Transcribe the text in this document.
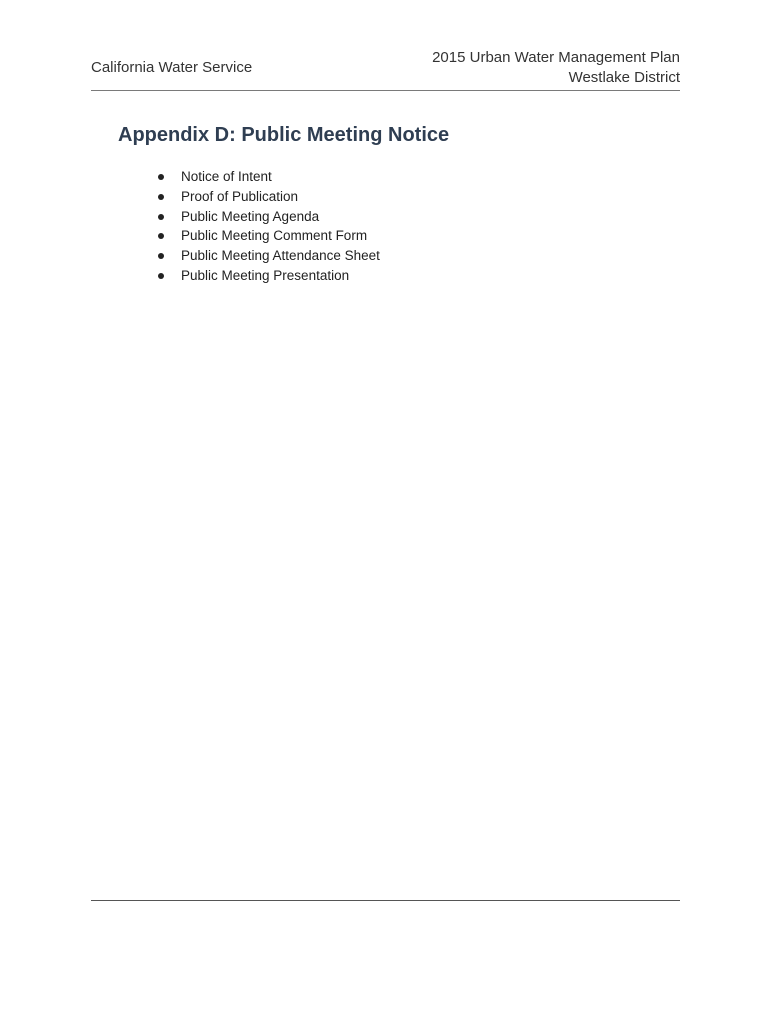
California Water Service
2015 Urban Water Management Plan
Westlake District
Appendix D: Public Meeting Notice
Notice of Intent
Proof of Publication
Public Meeting Agenda
Public Meeting Comment Form
Public Meeting Attendance Sheet
Public Meeting Presentation
